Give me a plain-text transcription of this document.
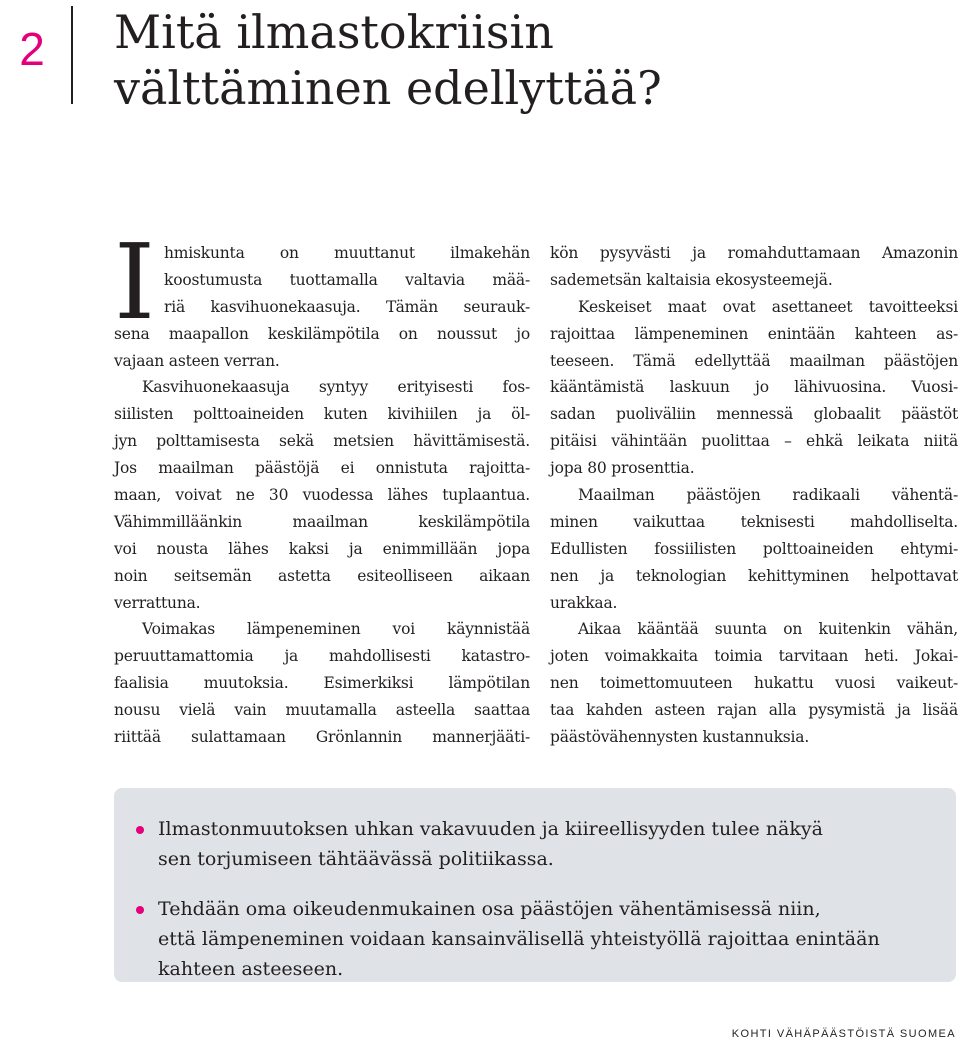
2	Mitä ilmastokriisin
välttäminen edellyttää?
I hmiskunta on muuttanut ilmakehän
koostumusta tuottamalla valtavia mää-
riä kasvihuonekaasuja. Tämän seurauk-
sena maapallon keskilämpötila on noussut jo
vajaan asteen verran.
Kasvihuonekaasuja syntyy erityisesti fos-
siilisten polttoaineiden kuten kivihiilen ja öl-
jyn polttamisesta sekä metsien hävittämisestä.
Jos maailman päästöjä ei onnistuta rajoitta-
maan, voivat ne 30 vuodessa lähes tuplaantua.
Vähimmilläänkin maailman keskilämpötila
voi nousta lähes kaksi ja enimmillään jopa
noin seitsemän astetta esiteolliseen aikaan
verrattuna.
Voimakas lämpeneminen voi käynnistää
peruuttamattomia ja mahdollisesti katastro-
faalisia muutoksia. Esimerkiksi lämpötilan
nousu vielä vain muutamalla asteella saattaa
riittää sulattamaan Grönlannin mannerjääti-
kön pysyvästi ja romahduttamaan Amazonin
sademetsän kaltaisia ekosysteemejä.
Keskeiset maat ovat asettaneet tavoitteeksi
rajoittaa lämpeneminen enintään kahteen as-
teeseen. Tämä edellyttää maailman päästöjen
kääntämistä laskuun jo lähivuosina. Vuosi-
sadan puoliväliin mennessä globaalit päästöt
pitäisi vähintään puolittaa – ehkä leikata niitä
jopa 80 prosenttia.
Maailman päästöjen radikaali vähentä-
minen vaikuttaa teknisesti mahdolliselta.
Edullisten fossiilisten polttoaineiden ehtymi-
nen ja teknologian kehittyminen helpottavat
urakkaa.
Aikaa kääntää suunta on kuitenkin vähän,
joten voimakkaita toimia tarvitaan heti. Jokai-
nen toimettomuuteen hukattu vuosi vaikeut-
taa kahden asteen rajan alla pysymistä ja lisää
päästövähennysten kustannuksia.
Ilmastonmuutoksen uhkan vakavuuden ja kiireellisyyden tulee näkyä
sen torjumiseen tähtäävässä politiikassa.
Tehdään oma oikeudenmukainen osa päästöjen vähentämisessä niin,
että lämpeneminen voidaan kansainvälisellä yhteistyöllä rajoittaa enintään
kahteen asteeseen.
KOHTI VÄHÄPÄÄSTÖISTÄ SUOMEA
